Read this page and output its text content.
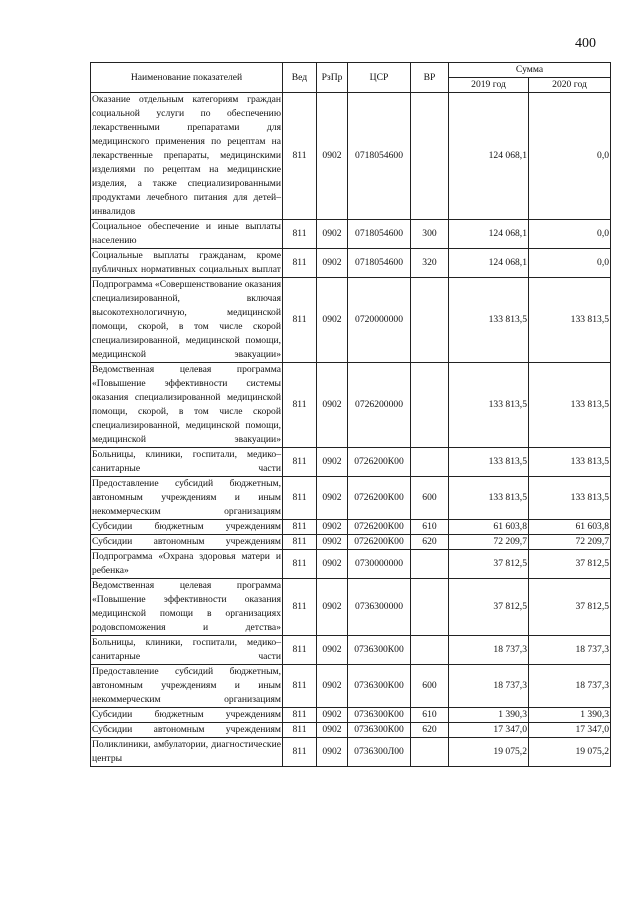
400
Наименование показателей	Вед	РзПр	ЦСР	ВР	Сумма	
					2019 год	2020 год
Оказание отдельным категориям граждан социальной услуги по обеспечению лекарственными препаратами для медицинского применения по рецептам на лекарственные препараты, медицинскими изделиями по рецептам на медицинские изделия, а также специализированными продуктами лечебного питания для детей–инвалидов	811	0902	0718054600		124 068,1	0,0
Социальное обеспечение и иные выплаты населению	811	0902	0718054600	300	124 068,1	0,0
Социальные выплаты гражданам, кроме публичных нормативных социальных выплат	811	0902	0718054600	320	124 068,1	0,0
Подпрограмма «Совершенствование оказания специализированной, включая высокотехнологичную, медицинской помощи, скорой, в том числе скорой специализированной, медицинской помощи, медицинской эвакуации»	811	0902	0720000000		133 813,5	133 813,5
Ведомственная целевая программа «Повышение эффективности системы оказания специализированной медицинской помощи, скорой, в том числе скорой специализированной, медицинской помощи, медицинской эвакуации»	811	0902	0726200000		133 813,5	133 813,5
Больницы, клиники, госпитали, медико–санитарные части	811	0902	0726200К00		133 813,5	133 813,5
Предоставление субсидий бюджетным, автономным учреждениям и иным некоммерческим организациям	811	0902	0726200К00	600	133 813,5	133 813,5
Субсидии бюджетным учреждениям	811	0902	0726200К00	610	61 603,8	61 603,8
Субсидии автономным учреждениям	811	0902	0726200К00	620	72 209,7	72 209,7
Подпрограмма «Охрана здоровья матери и ребенка»	811	0902	0730000000		37 812,5	37 812,5
Ведомственная целевая программа «Повышение эффективности оказания медицинской помощи в организациях родовспоможения и детства»	811	0902	0736300000		37 812,5	37 812,5
Больницы, клиники, госпитали, медико–санитарные части	811	0902	0736300К00		18 737,3	18 737,3
Предоставление субсидий бюджетным, автономным учреждениям и иным некоммерческим организациям	811	0902	0736300К00	600	18 737,3	18 737,3
Субсидии бюджетным учреждениям	811	0902	0736300К00	610	1 390,3	1 390,3
Субсидии автономным учреждениям	811	0902	0736300К00	620	17 347,0	17 347,0
Поликлиники, амбулатории, диагностические центры	811	0902	0736300Л00		19 075,2	19 075,2
